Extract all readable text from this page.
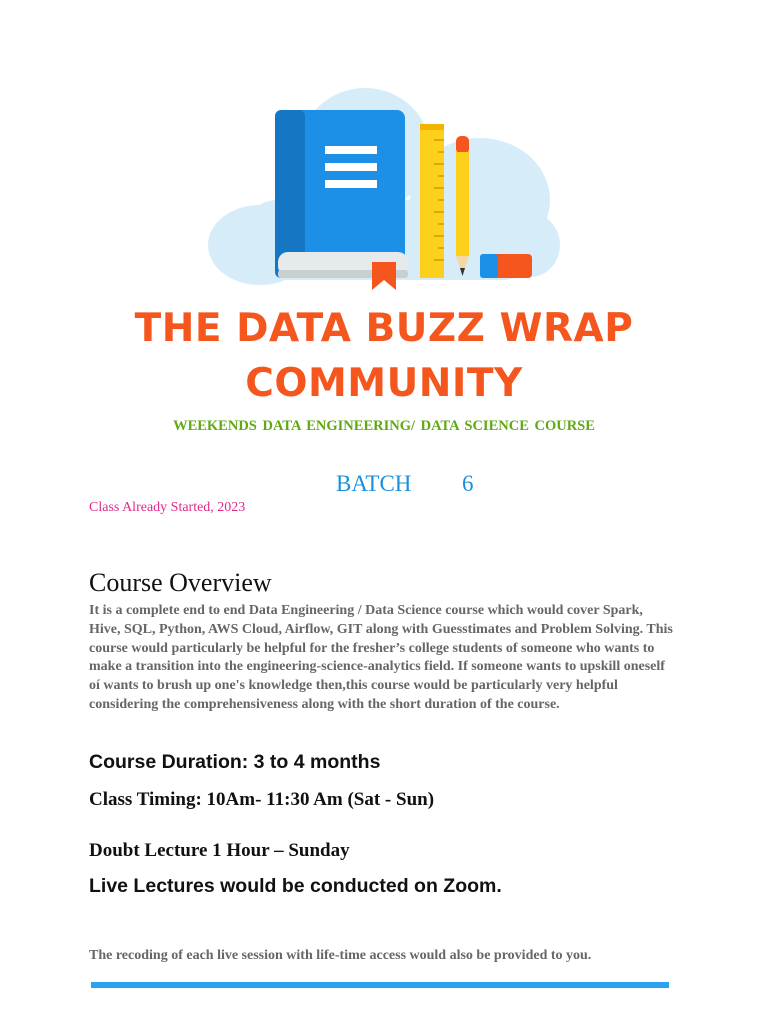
THE DATA BUZZ WRAP
COMMUNITY
WEEKENDS DATA ENGINEERING/ DATA SCIENCE COURSE
BATCH 6
Class Already Started, 2023
Course Overview
It is a complete end to end Data Engineering / Data Science course which would cover Spark, Hive, SQL, Python, AWS Cloud, Airflow, GIT along with Guesstimates and Problem Solving. This course would particularly be helpful for the fresher’s college students of someone who wants to make a transition into the engineering-science-analytics field. If someone wants to upskill oneself oí wants to brush up one's knowledge then,this course would be particularly very helpful considering the comprehensiveness along with the short duration of the course.
Course Duration: 3 to 4 months
Class Timing: 10Am- 11:30 Am (Sat - Sun)
Doubt Lecture 1 Hour – Sunday
Live Lectures would be conducted on Zoom.
The recoding of each live session with life-time access would also be provided to you.
